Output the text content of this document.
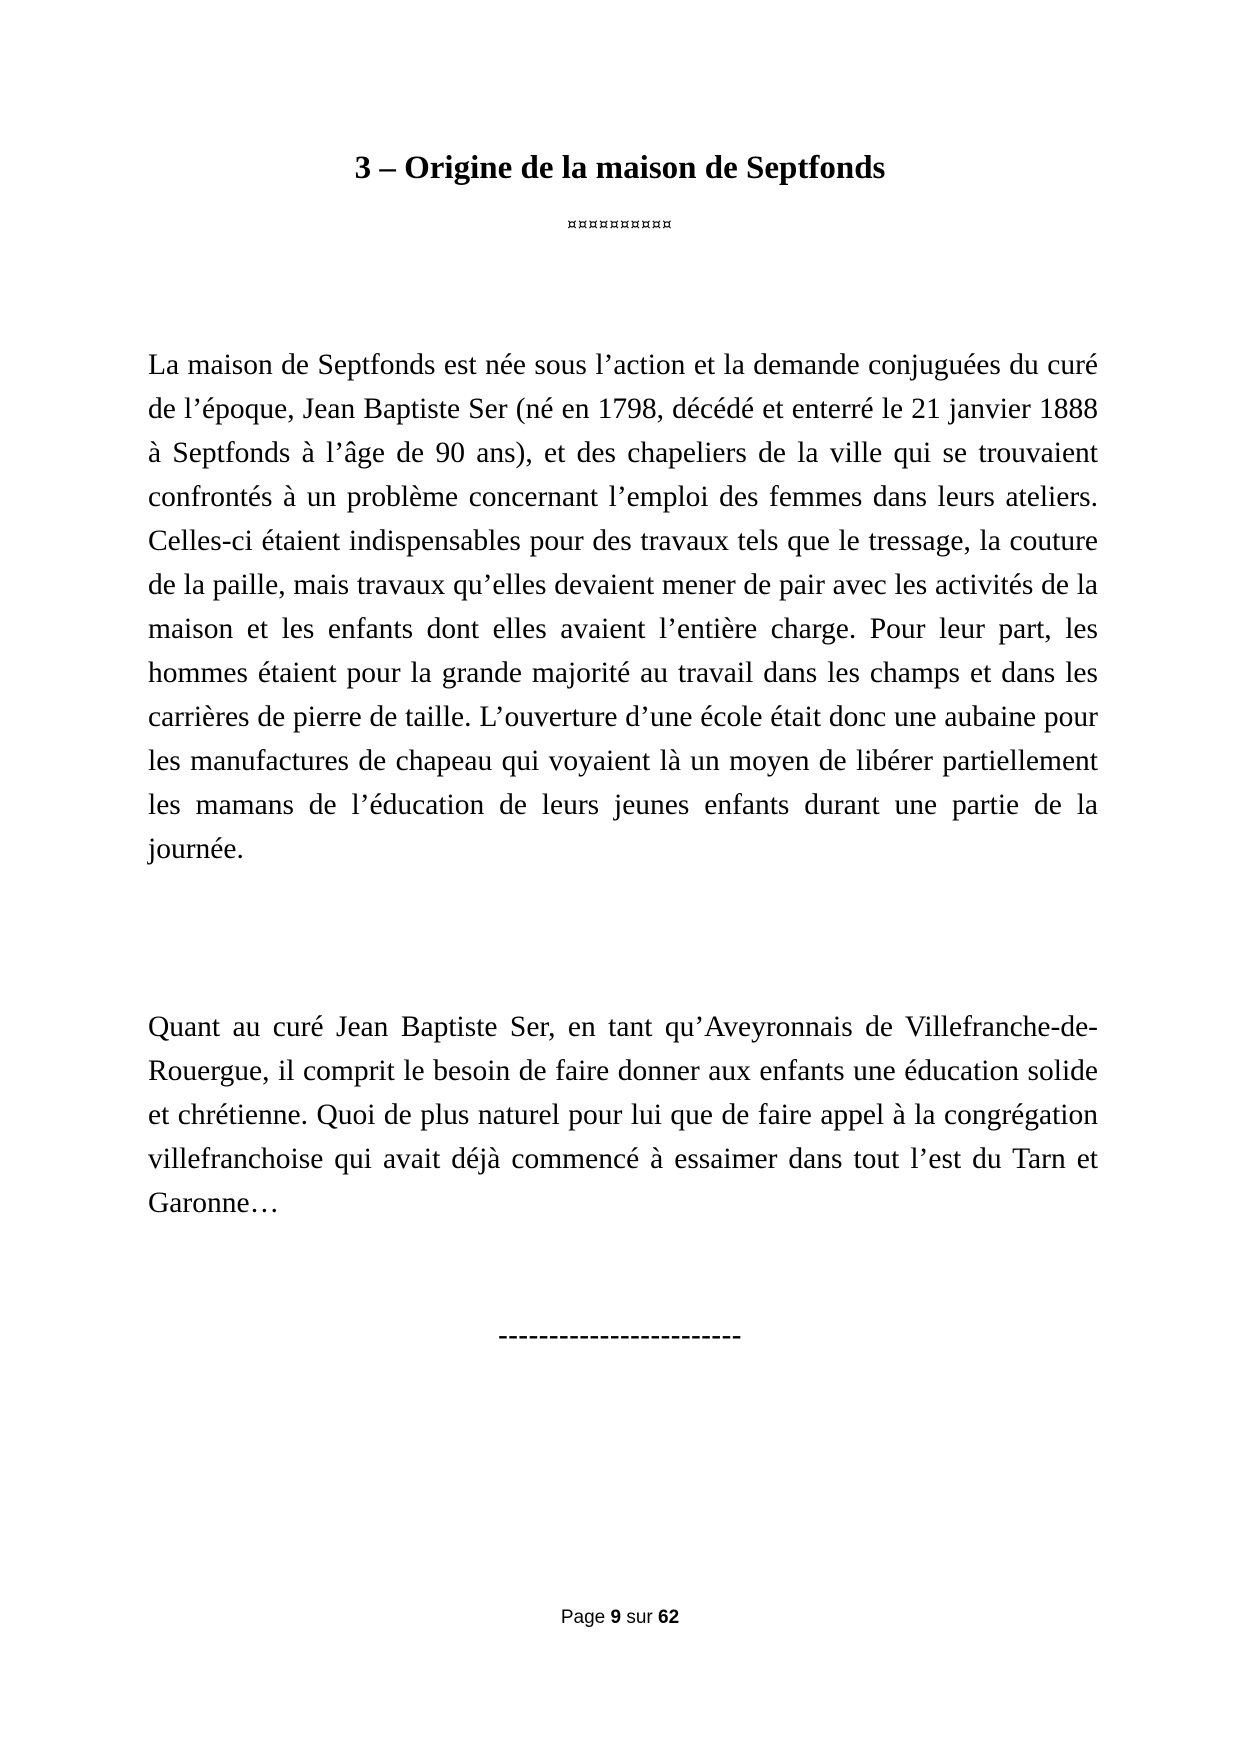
3 – Origine de la maison de Septfonds
¤¤¤¤¤¤¤¤¤¤

La maison de Septfonds est née sous l’action et la demande conjuguées du curé de l’époque, Jean Baptiste Ser (né en 1798, décédé et enterré le 21 janvier 1888 à Septfonds à l’âge de 90 ans), et des chapeliers de la ville qui se trouvaient confrontés à un problème concernant l’emploi des femmes dans leurs ateliers. Celles-ci étaient indispensables pour des travaux tels que le tressage, la couture de la paille, mais travaux qu’elles devaient mener de pair avec les activités de la maison et les enfants dont elles avaient l’entière charge. Pour leur part, les hommes étaient pour la grande majorité au travail dans les champs et dans les carrières de pierre de taille. L’ouverture d’une école était donc une aubaine pour les manufactures de chapeau qui voyaient là un moyen de libérer partiellement les mamans de l’éducation de leurs jeunes enfants durant une partie de la journée.

Quant au curé Jean Baptiste Ser, en tant qu’Aveyronnais de Villefranche-de-Rouergue, il comprit le besoin de faire donner aux enfants une éducation solide et chrétienne. Quoi de plus naturel pour lui que de faire appel à la congrégation villefranchoise qui avait déjà commencé à essaimer dans tout l’est du Tarn et Garonne…

------------------------
Page 9 sur 62
